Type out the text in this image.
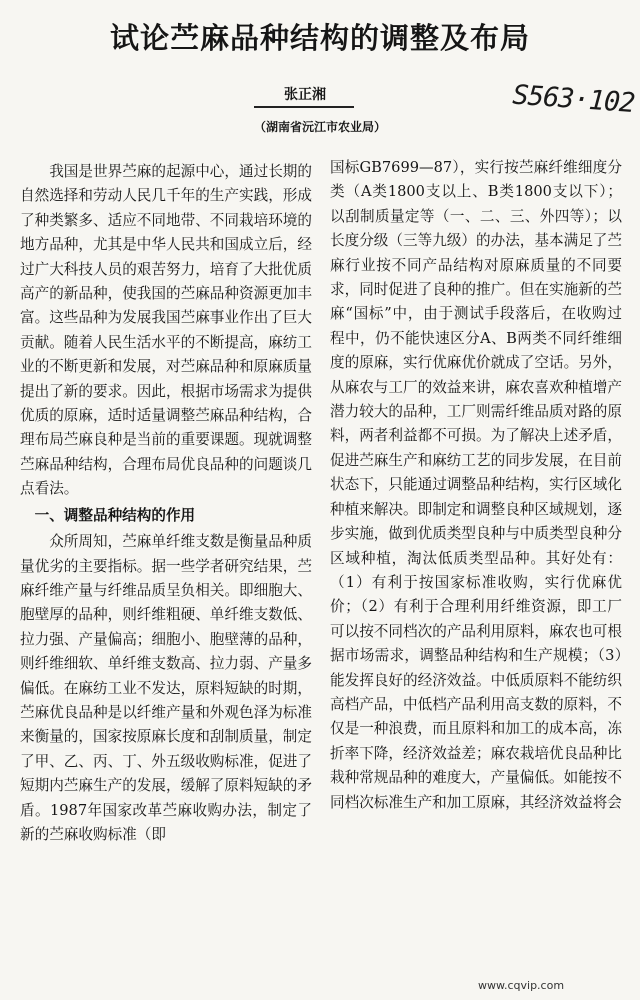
试论苎麻品种结构的调整及布局
张正湘
（湖南省沅江市农业局）
S563·102

我国是世界苎麻的起源中心，通过长期的自然选择和劳动人民几千年的生产实践，形成了种类繁多、适应不同地带、不同栽培环境的地方品种，尤其是中华人民共和国成立后，经过广大科技人员的艰苦努力，培育了大批优质高产的新品种，使我国的苎麻品种资源更加丰富。这些品种为发展我国苎麻事业作出了巨大贡献。随着人民生活水平的不断提高，麻纺工业的不断更新和发展，对苎麻品种和原麻质量提出了新的要求。因此，根据市场需求为提供优质的原麻，适时适量调整苎麻品种结构，合理布局苎麻良种是当前的重要课题。现就调整苎麻品种结构，合理布局优良品种的问题谈几点看法。

一、调整品种结构的作用

众所周知，苎麻单纤维支数是衡量品种质量优劣的主要指标。据一些学者研究结果，苎麻纤维产量与纤维品质呈负相关。即细胞大、胞壁厚的品种，则纤维粗硬、单纤维支数低、拉力强、产量偏高；细胞小、胞壁薄的品种，则纤维细软、单纤维支数高、拉力弱、产量多偏低。在麻纺工业不发达，原料短缺的时期，苎麻优良品种是以纤维产量和外观色泽为标准来衡量的，国家按原麻长度和刮制质量，制定了甲、乙、丙、丁、外五级收购标准，促进了短期内苎麻生产的发展，缓解了原料短缺的矛盾。1987年国家改革苎麻收购办法，制定了新的苎麻收购标准（即

国标GB7699—87），实行按苎麻纤维细度分类（A类1800支以上、B类1800支以下）；以刮制质量定等（一、二、三、外四等）；以长度分级（三等九级）的办法，基本满足了苎麻行业按不同产品结构对原麻质量的不同要求，同时促进了良种的推广。但在实施新的苎麻“国标”中，由于测试手段落后，在收购过程中，仍不能快速区分A、B两类不同纤维细度的原麻，实行优麻优价就成了空话。另外，从麻农与工厂的效益来讲，麻农喜欢种植增产潜力较大的品种，工厂则需纤维品质对路的原料，两者利益都不可损。为了解决上述矛盾，促进苎麻生产和麻纺工艺的同步发展，在目前状态下，只能通过调整品种结构，实行区域化种植来解决。即制定和调整良种区域规划，逐步实施，做到优质类型良种与中质类型良种分区域种植，淘汰低质类型品种。其好处有：（1）有利于按国家标准收购，实行优麻优价；（2）有利于合理利用纤维资源，即工厂可以按不同档次的产品利用原料，麻农也可根据市场需求，调整品种结构和生产规模；（3）能发挥良好的经济效益。中低质原料不能纺织高档产品，中低档产品利用高支数的原料，不仅是一种浪费，而且原料和加工的成本高，冻折率下降，经济效益差；麻农栽培优良品种比栽种常规品种的难度大，产量偏低。如能按不同档次标准生产和加工原麻，其经济效益将会

www.cqvip.com
